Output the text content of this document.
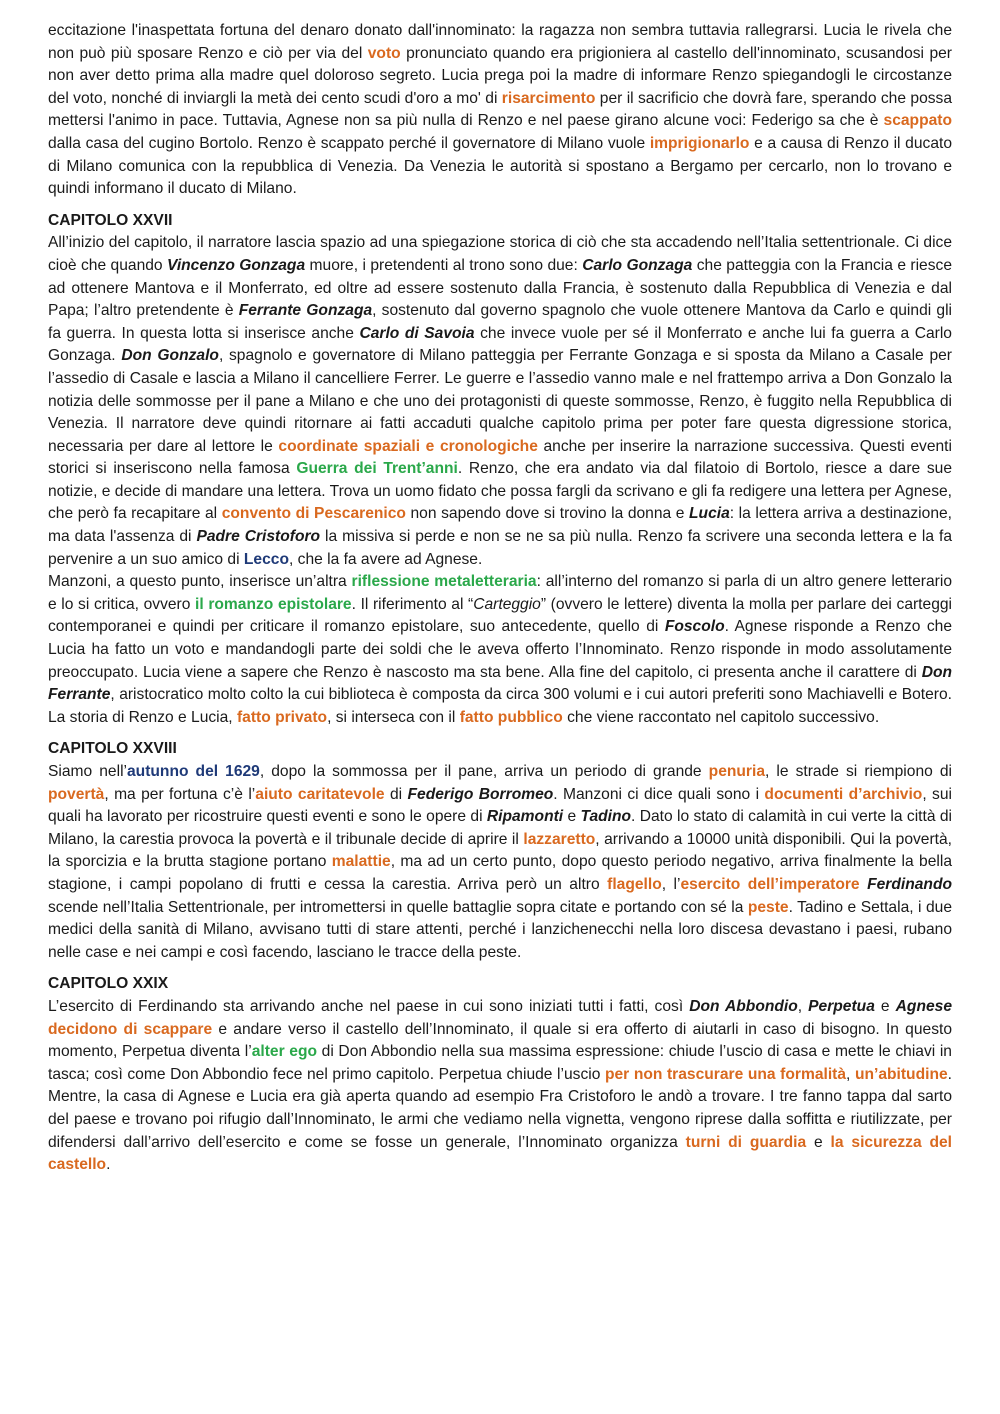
eccitazione l'inaspettata fortuna del denaro donato dall'innominato: la ragazza non sembra tuttavia rallegrarsi. Lucia le rivela che non può più sposare Renzo e ciò per via del voto pronunciato quando era prigioniera al castello dell'innominato, scusandosi per non aver detto prima alla madre quel doloroso segreto. Lucia prega poi la madre di informare Renzo spiegandogli le circostanze del voto, nonché di inviargli la metà dei cento scudi d'oro a mo' di risarcimento per il sacrificio che dovrà fare, sperando che possa mettersi l'animo in pace. Tuttavia, Agnese non sa più nulla di Renzo e nel paese girano alcune voci: Federigo sa che è scappato dalla casa del cugino Bortolo. Renzo è scappato perché il governatore di Milano vuole imprigionarlo e a causa di Renzo il ducato di Milano comunica con la repubblica di Venezia. Da Venezia le autorità si spostano a Bergamo per cercarlo, non lo trovano e quindi informano il ducato di Milano.

CAPITOLO XXVII

All’inizio del capitolo, il narratore lascia spazio ad una spiegazione storica di ciò che sta accadendo nell’Italia settentrionale. Ci dice cioè che quando Vincenzo Gonzaga muore, i pretendenti al trono sono due: Carlo Gonzaga che patteggia con la Francia e riesce ad ottenere Mantova e il Monferrato, ed oltre ad essere sostenuto dalla Francia, è sostenuto dalla Repubblica di Venezia e dal Papa; l’altro pretendente è Ferrante Gonzaga, sostenuto dal governo spagnolo che vuole ottenere Mantova da Carlo e quindi gli fa guerra. In questa lotta si inserisce anche Carlo di Savoia che invece vuole per sé il Monferrato e anche lui fa guerra a Carlo Gonzaga. Don Gonzalo, spagnolo e governatore di Milano patteggia per Ferrante Gonzaga e si sposta da Milano a Casale per l’assedio di Casale e lascia a Milano il cancelliere Ferrer. Le guerre e l’assedio vanno male e nel frattempo arriva a Don Gonzalo la notizia delle sommosse per il pane a Milano e che uno dei protagonisti di queste sommosse, Renzo, è fuggito nella Repubblica di Venezia. Il narratore deve quindi ritornare ai fatti accaduti qualche capitolo prima per poter fare questa digressione storica, necessaria per dare al lettore le coordinate spaziali e cronologiche anche per inserire la narrazione successiva. Questi eventi storici si inseriscono nella famosa Guerra dei Trent’anni. Renzo, che era andato via dal filatoio di Bortolo, riesce a dare sue notizie, e decide di mandare una lettera. Trova un uomo fidato che possa fargli da scrivano e gli fa redigere una lettera per Agnese, che però fa recapitare al convento di Pescarenico non sapendo dove si trovino la donna e Lucia: la lettera arriva a destinazione, ma data l'assenza di Padre Cristoforo la missiva si perde e non se ne sa più nulla. Renzo fa scrivere una seconda lettera e la fa pervenire a un suo amico di Lecco, che la fa avere ad Agnese.

Manzoni, a questo punto, inserisce un’altra riflessione metaletteraria: all’interno del romanzo si parla di un altro genere letterario e lo si critica, ovvero il romanzo epistolare. Il riferimento al “Carteggio” (ovvero le lettere) diventa la molla per parlare dei carteggi contemporanei e quindi per criticare il romanzo epistolare, suo antecedente, quello di Foscolo. Agnese risponde a Renzo che Lucia ha fatto un voto e mandandogli parte dei soldi che le aveva offerto l’Innominato. Renzo risponde in modo assolutamente preoccupato. Lucia viene a sapere che Renzo è nascosto ma sta bene. Alla fine del capitolo, ci presenta anche il carattere di Don Ferrante, aristocratico molto colto la cui biblioteca è composta da circa 300 volumi e i cui autori preferiti sono Machiavelli e Botero. La storia di Renzo e Lucia, fatto privato, si interseca con il fatto pubblico che viene raccontato nel capitolo successivo.

CAPITOLO XXVIII

Siamo nell’autunno del 1629, dopo la sommossa per il pane, arriva un periodo di grande penuria, le strade si riempiono di povertà, ma per fortuna c’è l’aiuto caritatevole di Federigo Borromeo. Manzoni ci dice quali sono i documenti d’archivio, sui quali ha lavorato per ricostruire questi eventi e sono le opere di Ripamonti e Tadino. Dato lo stato di calamità in cui verte la città di Milano, la carestia provoca la povertà e il tribunale decide di aprire il lazzaretto, arrivando a 10000 unità disponibili. Qui la povertà, la sporcizia e la brutta stagione portano malattie, ma ad un certo punto, dopo questo periodo negativo, arriva finalmente la bella stagione, i campi popolano di frutti e cessa la carestia. Arriva però un altro flagello, l’esercito dell’imperatore Ferdinando scende nell’Italia Settentrionale, per intromettersi in quelle battaglie sopra citate e portando con sé la peste. Tadino e Settala, i due medici della sanità di Milano, avvisano tutti di stare attenti, perché i lanzichenecchi nella loro discesa devastano i paesi, rubano nelle case e nei campi e così facendo, lasciano le tracce della peste.

CAPITOLO XXIX

L’esercito di Ferdinando sta arrivando anche nel paese in cui sono iniziati tutti i fatti, così Don Abbondio, Perpetua e Agnese decidono di scappare e andare verso il castello dell’Innominato, il quale si era offerto di aiutarli in caso di bisogno. In questo momento, Perpetua diventa l’alter ego di Don Abbondio nella sua massima espressione: chiude l’uscio di casa e mette le chiavi in tasca; così come Don Abbondio fece nel primo capitolo. Perpetua chiude l’uscio per non trascurare una formalità, un’abitudine. Mentre, la casa di Agnese e Lucia era già aperta quando ad esempio Fra Cristoforo le andò a trovare. I tre fanno tappa dal sarto del paese e trovano poi rifugio dall’Innominato, le armi che vediamo nella vignetta, vengono riprese dalla soffitta e riutilizzate, per difendersi dall’arrivo dell’esercito e come se fosse un generale, l’Innominato organizza turni di guardia e la sicurezza del castello.
